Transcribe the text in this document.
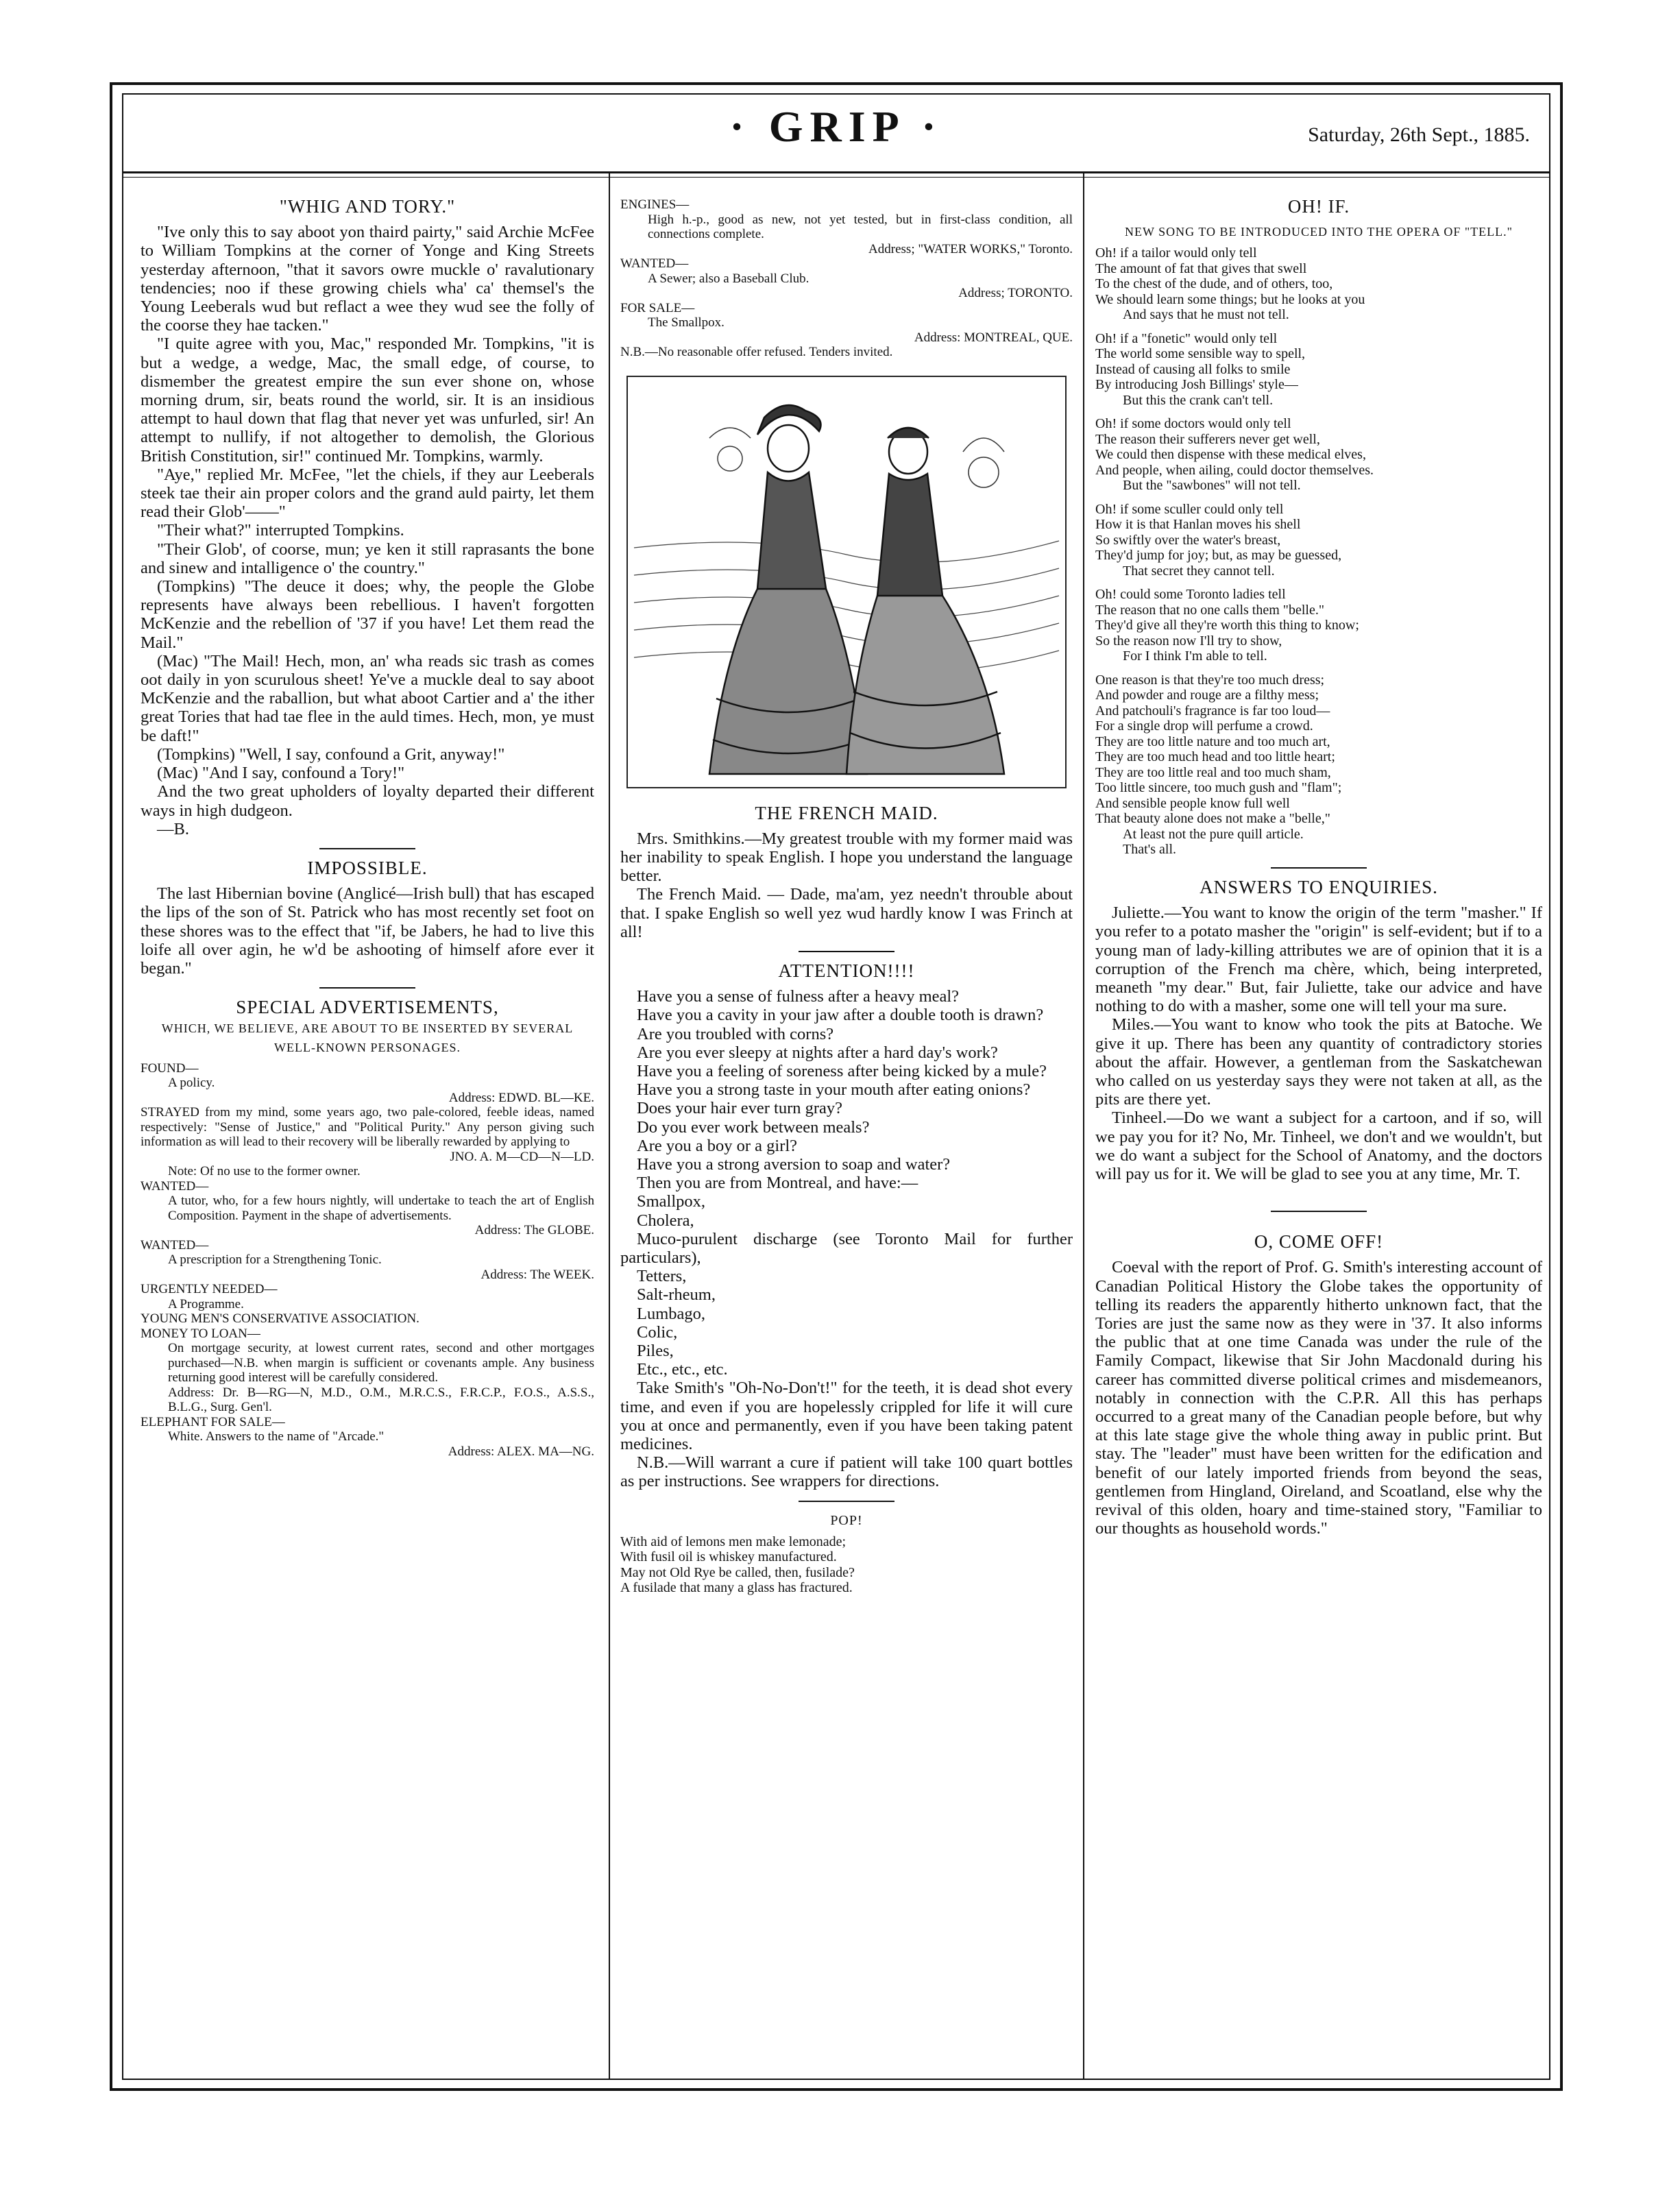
· GRIP ·	Saturday, 26th Sept., 1885.
"WHIG AND TORY."

"Ive only this to say aboot yon thaird pairty," said Archie McFee to William Tompkins at the corner of Yonge and King Streets yesterday afternoon, "that it savors owre muckle o' ravalutionary tendencies; noo if these growing chiels wha' ca' themsel's the Young Leeberals wud but reflact a wee they wud see the folly of the coorse they hae tacken."

"I quite agree with you, Mac," responded Mr. Tompkins, "it is but a wedge, a wedge, Mac, the small edge, of course, to dismember the greatest empire the sun ever shone on, whose morning drum, sir, beats round the world, sir. It is an insidious attempt to haul down that flag that never yet was unfurled, sir! An attempt to nullify, if not altogether to demolish, the Glorious British Constitution, sir!" continued Mr. Tompkins, warmly.

"Aye," replied Mr. McFee, "let the chiels, if they aur Leeberals steek tae their ain proper colors and the grand auld pairty, let them read their Glob'——"

"Their what?" interrupted Tompkins.

"Their Glob', of coorse, mun; ye ken it still raprasants the bone and sinew and intalligence o' the country."

(Tompkins) "The deuce it does; why, the people the Globe represents have always been rebellious. I haven't forgotten McKenzie and the rebellion of '37 if you have! Let them read the Mail."

(Mac) "The Mail! Hech, mon, an' wha reads sic trash as comes oot daily in yon scurulous sheet! Ye've a muckle deal to say aboot McKenzie and the raballion, but what aboot Cartier and a' the ither great Tories that had tae flee in the auld times. Hech, mon, ye must be daft!"

(Tompkins) "Well, I say, confound a Grit, anyway!"

(Mac) "And I say, confound a Tory!"

And the two great upholders of loyalty departed their different ways in high dudgeon.

—B.

IMPOSSIBLE.

The last Hibernian bovine (Anglicé—Irish bull) that has escaped the lips of the son of St. Patrick who has most recently set foot on these shores was to the effect that "if, be Jabers, he had to live this loife all over agin, he w'd be ashooting of himself afore ever it began."

SPECIAL ADVERTISEMENTS,
WHICH, WE BELIEVE, ARE ABOUT TO BE INSERTED BY SEVERAL WELL-KNOWN PERSONAGES.

FOUND—

A policy.

Address: EDWD. BL—KE.

STRAYED from my mind, some years ago, two pale-colored, feeble ideas, named respectively: "Sense of Justice," and "Political Purity." Any person giving such information as will lead to their recovery will be liberally rewarded by applying to

JNO. A. M—CD—N—LD.

Note: Of no use to the former owner.

WANTED—

A tutor, who, for a few hours nightly, will undertake to teach the art of English Composition. Payment in the shape of advertisements.

Address: The GLOBE.

WANTED—

A prescription for a Strengthening Tonic.

Address: The WEEK.

URGENTLY NEEDED—

A Programme.

YOUNG MEN'S CONSERVATIVE ASSOCIATION.

MONEY TO LOAN—

On mortgage security, at lowest current rates, second and other mortgages purchased—N.B. when margin is sufficient or covenants ample. Any business returning good interest will be carefully considered.

Address: Dr. B—RG—N, M.D., O.M., M.R.C.S., F.R.C.P., F.O.S., A.S.S., B.L.G., Surg. Gen'l.

ELEPHANT FOR SALE—

White. Answers to the name of "Arcade."

Address: ALEX. MA—NG.

ENGINES—

High h.-p., good as new, not yet tested, but in first-class condition, all connections complete.

Address; "WATER WORKS," Toronto.

WANTED—

A Sewer; also a Baseball Club.

Address; TORONTO.

FOR SALE—

The Smallpox.

Address: MONTREAL, QUE.

N.B.—No reasonable offer refused. Tenders invited.

THE FRENCH MAID.

Mrs. Smithkins.—My greatest trouble with my former maid was her inability to speak English. I hope you understand the language better.

The French Maid. — Dade, ma'am, yez needn't throuble about that. I spake English so well yez wud hardly know I was Frinch at all!

ATTENTION!!!!

Have you a sense of fulness after a heavy meal?

Have you a cavity in your jaw after a double tooth is drawn?

Are you troubled with corns?

Are you ever sleepy at nights after a hard day's work?

Have you a feeling of soreness after being kicked by a mule?

Have you a strong taste in your mouth after eating onions?

Does your hair ever turn gray?

Do you ever work between meals?

Are you a boy or a girl?

Have you a strong aversion to soap and water?

Then you are from Montreal, and have:—

Smallpox,

Cholera,

Muco-purulent discharge (see Toronto Mail for further particulars),

Tetters,

Salt-rheum,

Lumbago,

Colic,

Piles,

Etc., etc., etc.

Take Smith's "Oh-No-Don't!" for the teeth, it is dead shot every time, and even if you are hopelessly crippled for life it will cure you at once and permanently, even if you have been taking patent medicines.

N.B.—Will warrant a cure if patient will take 100 quart bottles as per instructions. See wrappers for directions.

POP!

With aid of lemons men make lemonade;

With fusil oil is whiskey manufactured.

May not Old Rye be called, then, fusilade?

A fusilade that many a glass has fractured.

OH! IF.
NEW SONG TO BE INTRODUCED INTO THE OPERA OF "TELL."

Oh! if a tailor would only tell

The amount of fat that gives that swell

To the chest of the dude, and of others, too,

We should learn some things; but he looks at you

And says that he must not tell.

Oh! if a "fonetic" would only tell

The world some sensible way to spell,

Instead of causing all folks to smile

By introducing Josh Billings' style—

But this the crank can't tell.

Oh! if some doctors would only tell

The reason their sufferers never get well,

We could then dispense with these medical elves,

And people, when ailing, could doctor themselves.

But the "sawbones" will not tell.

Oh! if some sculler could only tell

How it is that Hanlan moves his shell

So swiftly over the water's breast,

They'd jump for joy; but, as may be guessed,

That secret they cannot tell.

Oh! could some Toronto ladies tell

The reason that no one calls them "belle."

They'd give all they're worth this thing to know;

So the reason now I'll try to show,

For I think I'm able to tell.

One reason is that they're too much dress;

And powder and rouge are a filthy mess;

And patchouli's fragrance is far too loud—

For a single drop will perfume a crowd.

They are too little nature and too much art,

They are too much head and too little heart;

They are too little real and too much sham,

Too little sincere, too much gush and "flam";

And sensible people know full well

That beauty alone does not make a "belle,"

At least not the pure quill article.

That's all.

ANSWERS TO ENQUIRIES.

Juliette.—You want to know the origin of the term "masher." If you refer to a potato masher the "origin" is self-evident; but if to a young man of lady-killing attributes we are of opinion that it is a corruption of the French ma chère, which, being interpreted, meaneth "my dear." But, fair Juliette, take our advice and have nothing to do with a masher, some one will tell your ma sure.

Miles.—You want to know who took the pits at Batoche. We give it up. There has been any quantity of contradictory stories about the affair. However, a gentleman from the Saskatchewan who called on us yesterday says they were not taken at all, as the pits are there yet.

Tinheel.—Do we want a subject for a cartoon, and if so, will we pay you for it? No, Mr. Tinheel, we don't and we wouldn't, but we do want a subject for the School of Anatomy, and the doctors will pay us for it. We will be glad to see you at any time, Mr. T.

O, COME OFF!

Coeval with the report of Prof. G. Smith's interesting account of Canadian Political History the Globe takes the opportunity of telling its readers the apparently hitherto unknown fact, that the Tories are just the same now as they were in '37. It also informs the public that at one time Canada was under the rule of the Family Compact, likewise that Sir John Macdonald during his career has committed diverse political crimes and misdemeanors, notably in connection with the C.P.R. All this has perhaps occurred to a great many of the Canadian people before, but why at this late stage give the whole thing away in public print. But stay. The "leader" must have been written for the edification and benefit of our lately imported friends from beyond the seas, gentlemen from Hingland, Oireland, and Scoatland, else why the revival of this olden, hoary and time-stained story, "Familiar to our thoughts as household words."
